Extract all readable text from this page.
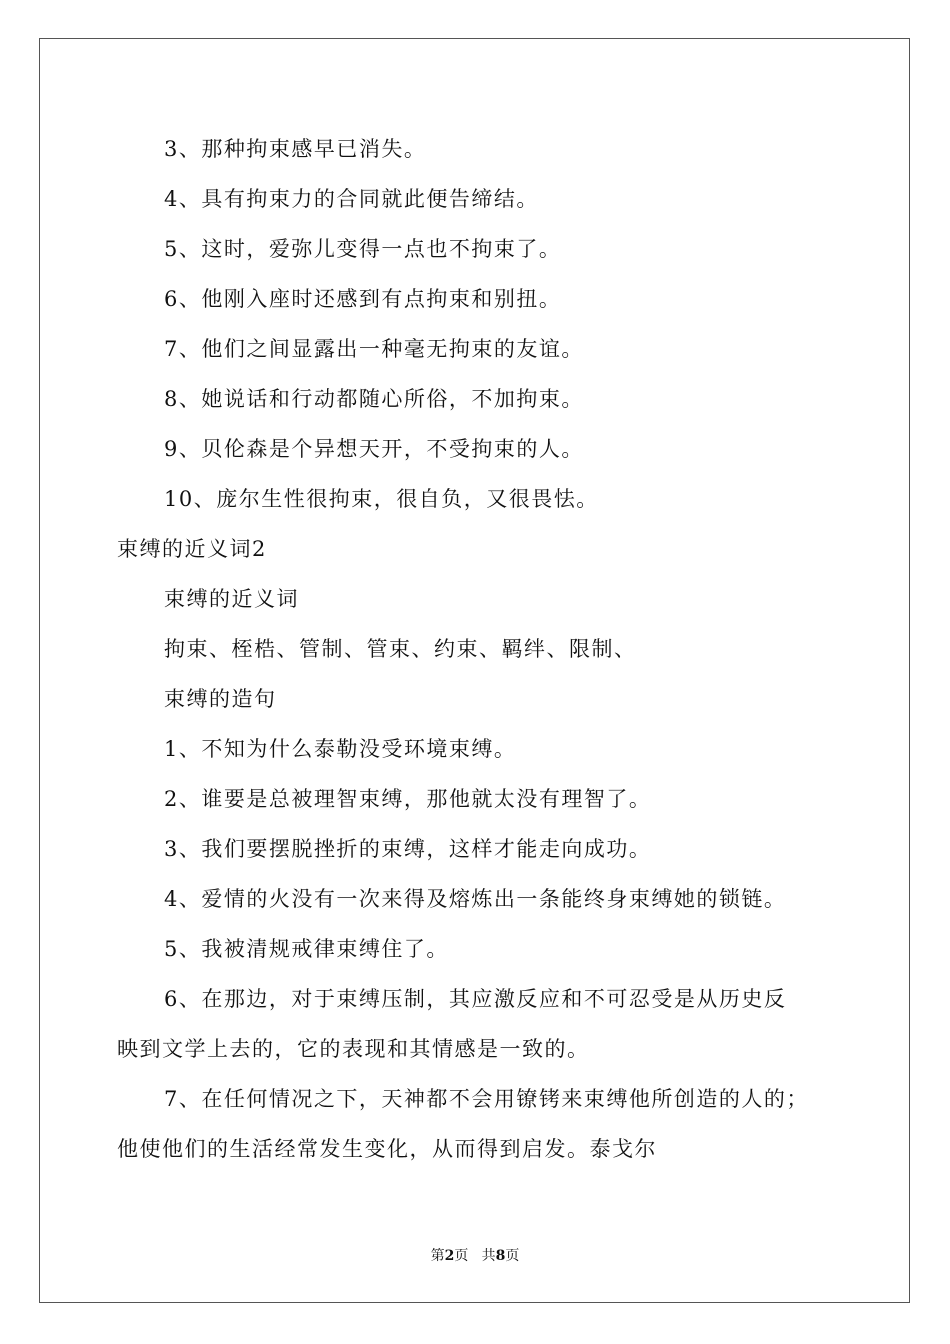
3、那种拘束感早已消失。
4、具有拘束力的合同就此便告缔结。
5、这时，爱弥儿变得一点也不拘束了。
6、他刚入座时还感到有点拘束和别扭。
7、他们之间显露出一种毫无拘束的友谊。
8、她说话和行动都随心所俗，不加拘束。
9、贝伦森是个异想天开，不受拘束的人。
10、庞尔生性很拘束，很自负，又很畏怯。
束缚的近义词2
束缚的近义词
拘束、桎梏、管制、管束、约束、羁绊、限制、
束缚的造句
1、不知为什么泰勒没受环境束缚。
2、谁要是总被理智束缚，那他就太没有理智了。
3、我们要摆脱挫折的束缚，这样才能走向成功。
4、爱情的火没有一次来得及熔炼出一条能终身束缚她的锁链。
5、我被清规戒律束缚住了。
6、在那边，对于束缚压制，其应激反应和不可忍受是从历史反
映到文学上去的，它的表现和其情感是一致的。
7、在任何情况之下，天神都不会用镣铐来束缚他所创造的人的；
他使他们的生活经常发生变化，从而得到启发。泰戈尔
第2页   共8页
